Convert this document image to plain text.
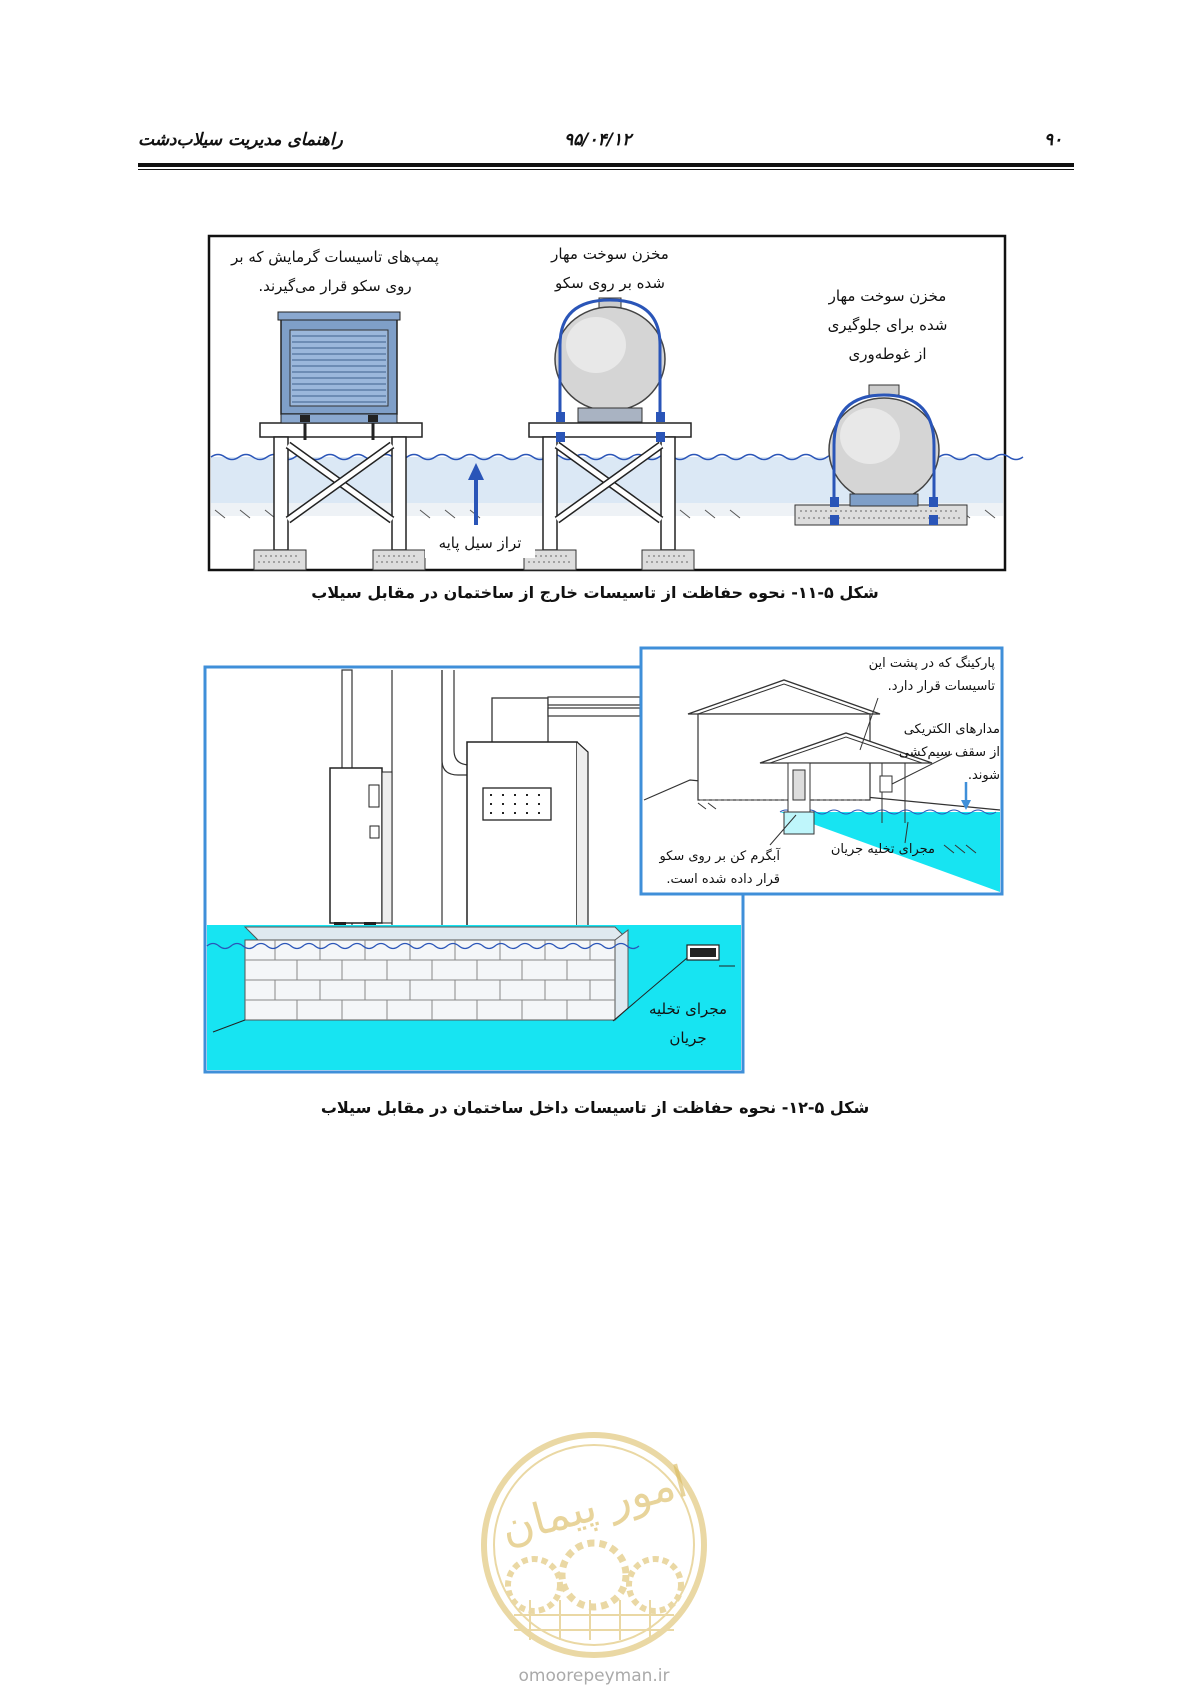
راهنمای مدیریت سیلاب‌دشت	۹۵/۰۴/۱۲	۹۰
پمپ‌های تاسیسات گرمایش که بر
روی سکو قرار می‌گیرند.
مخزن سوخت مهار
شده بر روی سکو
مخزن سوخت مهار
شده برای جلوگیری
از غوطه‌وری
تراز سیل پایه
شکل ۵-۱۱- نحوه حفاظت از تاسیسات خارج از ساختمان در مقابل سیلاب
پارکینگ که در پشت این
تاسیسات قرار دارد.
مدارهای الکتریکی
از سقف سیم‌کشی
شوند.
مجرای تخلیه جریان
آبگرم کن بر روی سکو
قرار داده شده است.
مجرای تخلیه
جریان
شکل ۵-۱۲- نحوه حفاظت از تاسیسات داخل ساختمان در مقابل سیلاب
امور پیمان
omoorepeyman.ir
